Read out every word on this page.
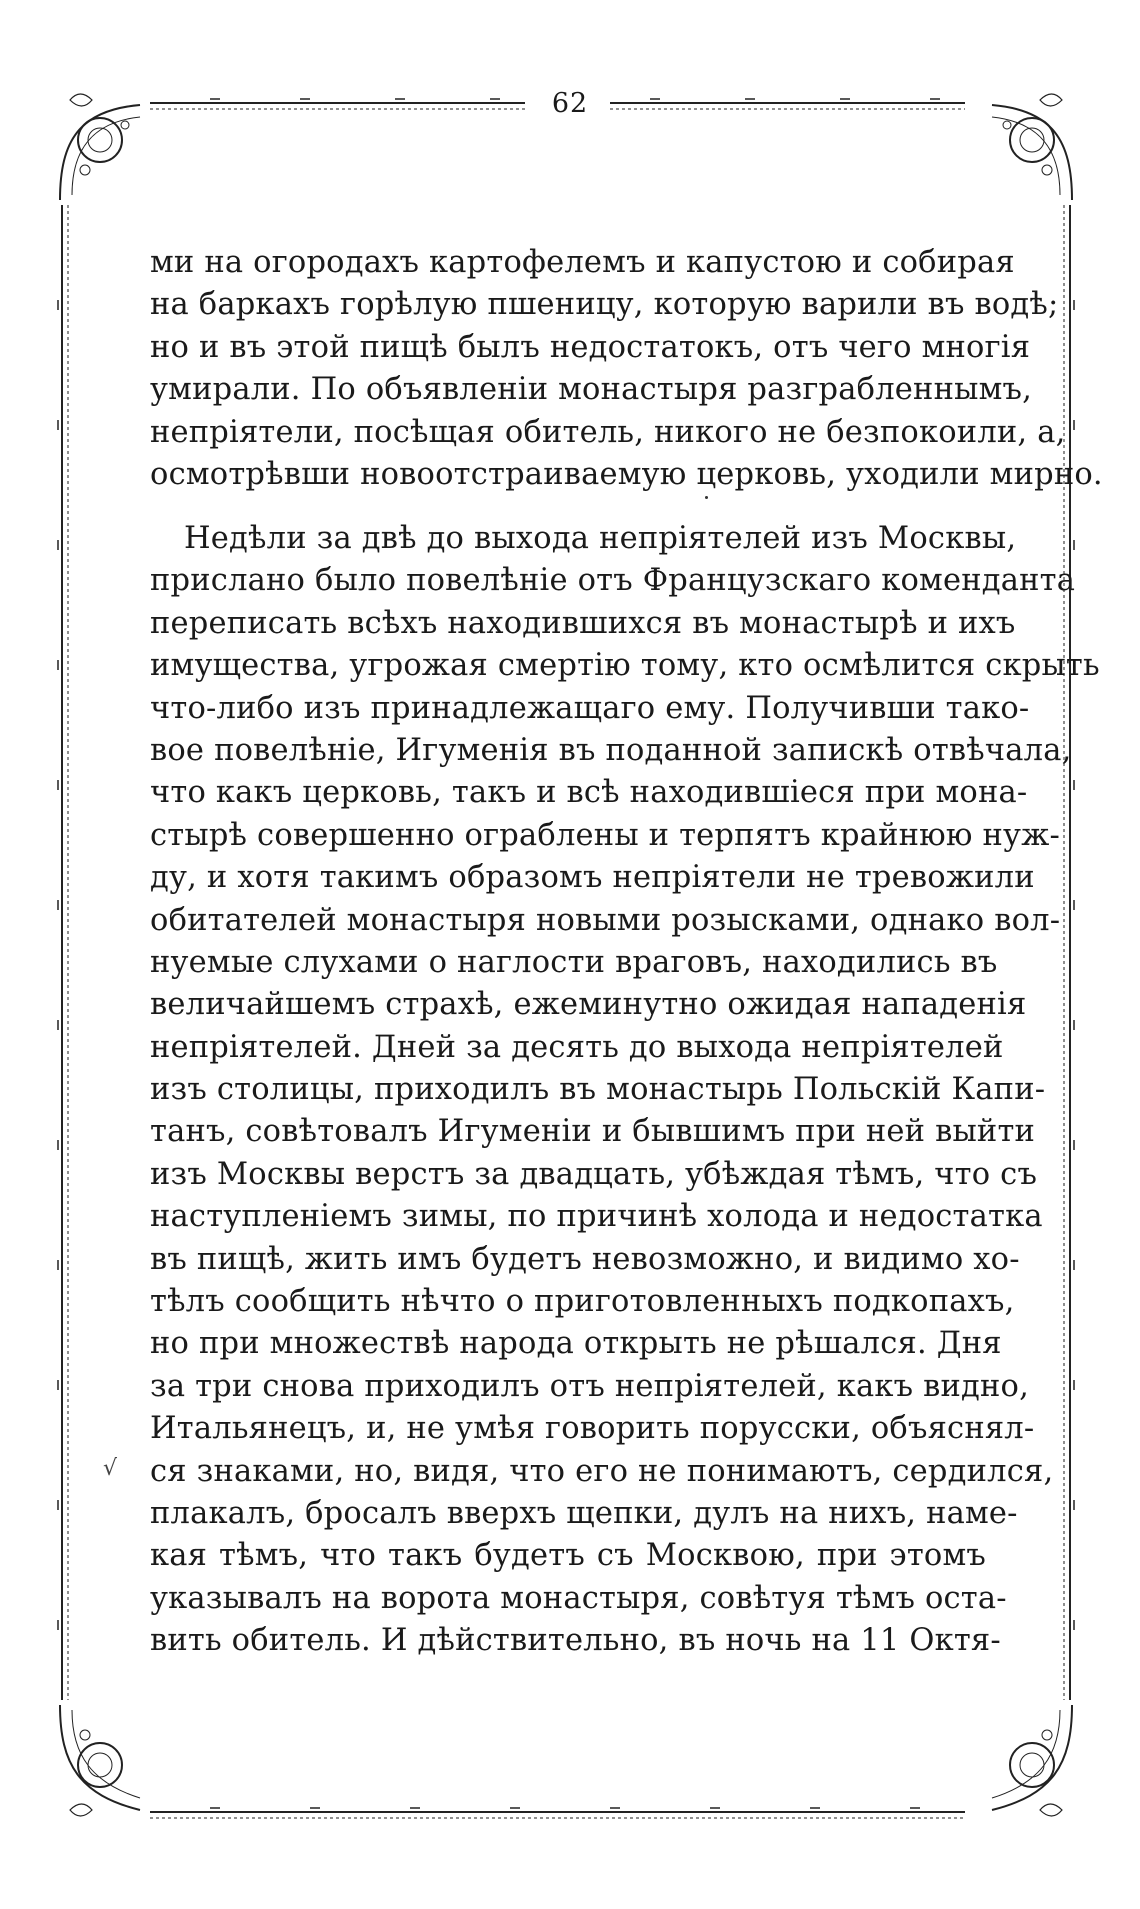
62
ми на огородахъ картофелемъ и капустою и собирая
на баркахъ горѣлую пшеницу, которую варили въ водѣ;
но и въ этой пищѣ былъ недостатокъ, отъ чего многія
умирали. По объявленіи монастыря разграбленнымъ,
непріятели, посѣщая обитель, никого не безпокоили, а,
осмотрѣвши новоотстраиваемую церковь, уходили мирно.
Недѣли за двѣ до выхода непріятелей изъ Москвы,
прислано было повелѣніе отъ Французскаго коменданта
переписать всѣхъ находившихся въ монастырѣ и ихъ
имущества, угрожая смертію тому, кто осмѣлится скрыть
что-либо изъ принадлежащаго ему. Получивши тако-
вое повелѣніе, Игуменія въ поданной запискѣ отвѣчала,
что какъ церковь, такъ и всѣ находившіеся при мона-
стырѣ совершенно ограблены и терпятъ крайнюю нуж-
ду, и хотя такимъ образомъ непріятели не тревожили
обитателей монастыря новыми розысками, однако вол-
нуемые слухами о наглости враговъ, находились въ
величайшемъ страхѣ, ежеминутно ожидая нападенія
непріятелей. Дней за десять до выхода непріятелей
изъ столицы, приходилъ въ монастырь Польскій Капи-
танъ, совѣтовалъ Игуменіи и бывшимъ при ней выйти
изъ Москвы верстъ за двадцать, убѣждая тѣмъ, что съ
наступленіемъ зимы, по причинѣ холода и недостатка
въ пищѣ, жить имъ будетъ невозможно, и видимо хо-
тѣлъ сообщить нѣчто о приготовленныхъ подкопахъ,
но при множествѣ народа открыть не рѣшался. Дня
за три снова приходилъ отъ непріятелей, какъ видно,
Итальянецъ, и, не умѣя говорить порусски, объяснял-
ся знаками, но, видя, что его не понимаютъ, сердился,
плакалъ, бросалъ вверхъ щепки, дулъ на нихъ, наме-
кая тѣмъ, что такъ будетъ съ Москвою, при этомъ
указывалъ на ворота монастыря, совѣтуя тѣмъ оста-
вить обитель. И дѣйствительно, въ ночь на 11 Октя-
√
